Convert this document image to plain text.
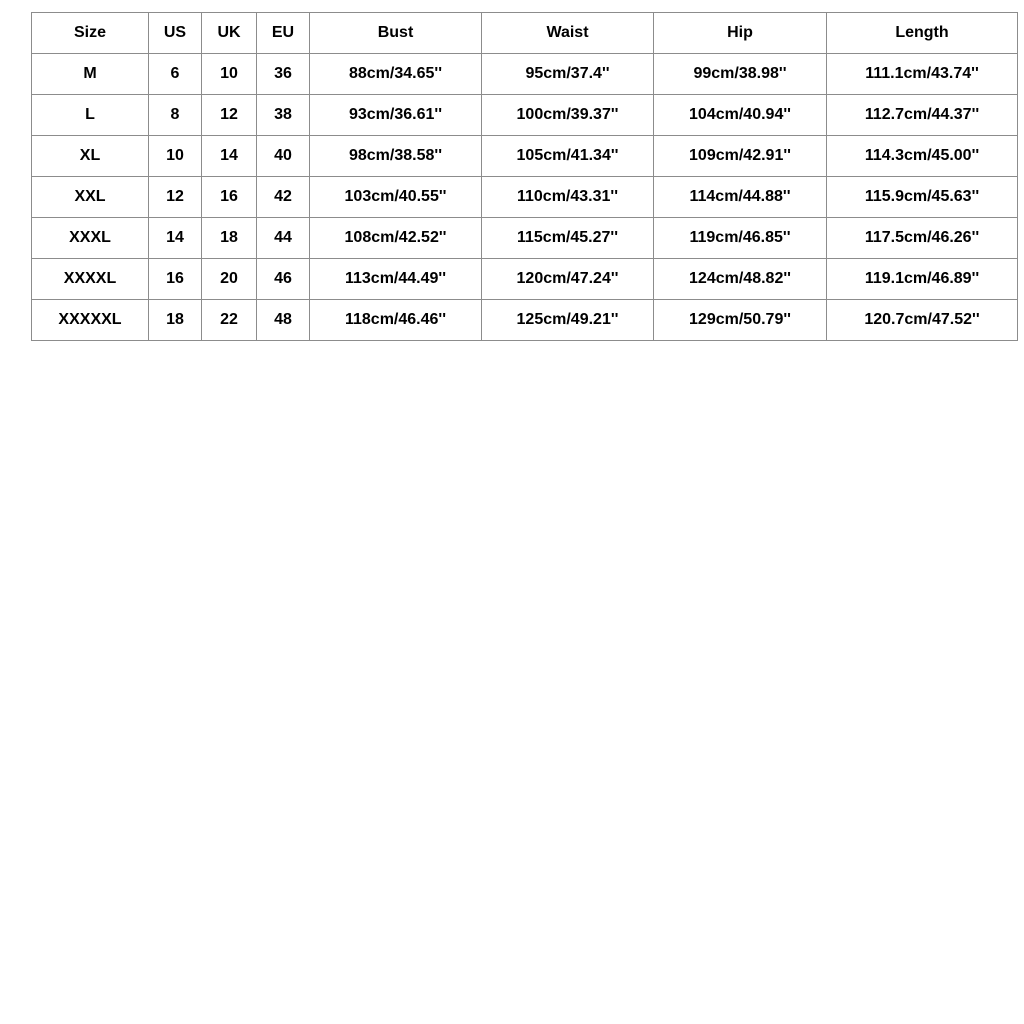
Size	US	UK	EU	Bust	Waist	Hip	Length
M	6	10	36	88cm/34.65''	95cm/37.4''	99cm/38.98''	111.1cm/43.74''
L	8	12	38	93cm/36.61''	100cm/39.37''	104cm/40.94''	112.7cm/44.37''
XL	10	14	40	98cm/38.58''	105cm/41.34''	109cm/42.91''	114.3cm/45.00''
XXL	12	16	42	103cm/40.55''	110cm/43.31''	114cm/44.88''	115.9cm/45.63''
XXXL	14	18	44	108cm/42.52''	115cm/45.27''	119cm/46.85''	117.5cm/46.26''
XXXXL	16	20	46	113cm/44.49''	120cm/47.24''	124cm/48.82''	119.1cm/46.89''
XXXXXL	18	22	48	118cm/46.46''	125cm/49.21''	129cm/50.79''	120.7cm/47.52''
